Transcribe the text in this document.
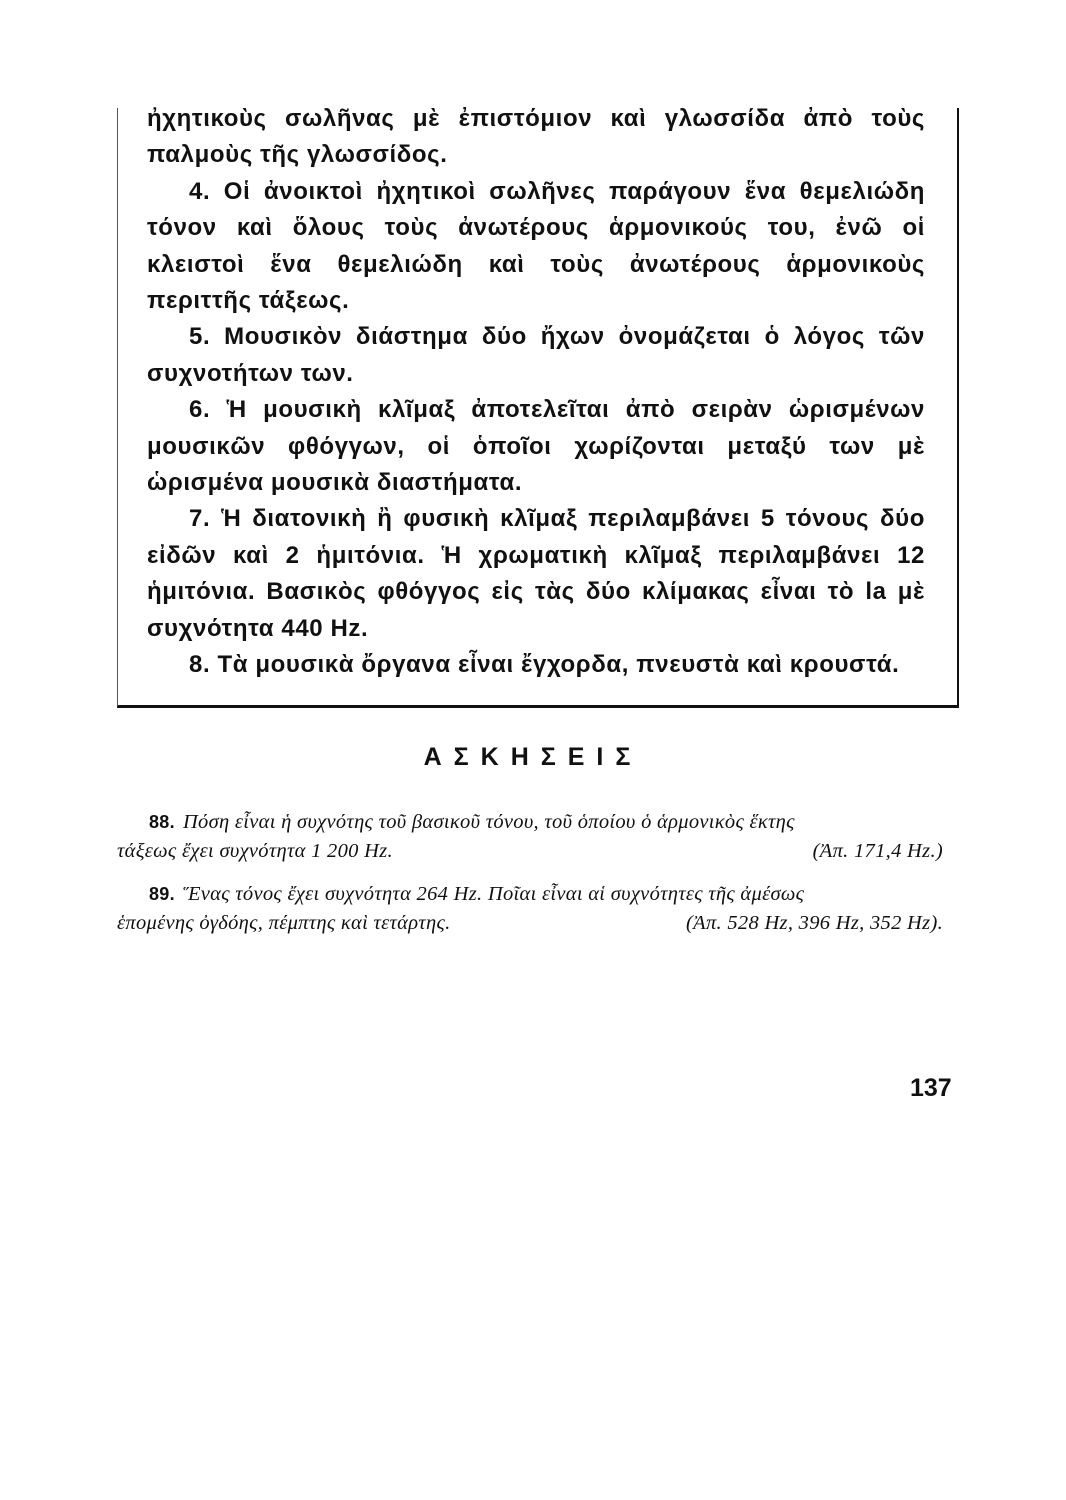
ἠχητικοὺς σωλῆνας μὲ ἐπιστόμιον καὶ γλωσσίδα ἀπὸ τοὺς παλμοὺς τῆς γλωσσίδος.

4. Οἱ ἀνοικτοὶ ἠχητικοὶ σωλῆνες παράγουν ἕνα θεμελιώδη τόνον καὶ ὅλους τοὺς ἀνωτέρους ἁρμονικούς του, ἐνῶ οἱ κλειστοὶ ἕνα θεμελιώδη καὶ τοὺς ἀνωτέρους ἁρμονικοὺς περιττῆς τάξεως.

5. Μουσικὸν διάστημα δύο ἤχων ὀνομάζεται ὁ λόγος τῶν συχνοτήτων των.

6. Ἡ μουσικὴ κλῖμαξ ἀποτελεῖται ἀπὸ σειρὰν ὡρισμένων μουσικῶν φθόγγων, οἱ ὁποῖοι χωρίζονται μεταξύ των μὲ ὡρισμένα μουσικὰ διαστήματα.

7. Ἡ διατονικὴ ἢ φυσικὴ κλῖμαξ περιλαμβάνει 5 τόνους δύο εἰδῶν καὶ 2 ἡμιτόνια. Ἡ χρωματικὴ κλῖμαξ περιλαμβάνει 12 ἡμιτόνια. Βασικὸς φθόγγος εἰς τὰς δύο κλίμακας εἶναι τὸ la μὲ συχνότητα 440 Hz.

8. Τὰ μουσικὰ ὄργανα εἶναι ἔγχορδα, πνευστὰ καὶ κρουστά.

ΑΣΚΗΣΕΙΣ
88. Πόση εἶναι ἡ συχνότης τοῦ βασικοῦ τόνου, τοῦ ὁποίου ὁ ἁρμονικὸς ἕκτης
τάξεως ἔχει συχνότητα 1 200 Hz.	(Ἀπ. 171,4 Hz.)
89. Ἕνας τόνος ἔχει συχνότητα 264 Hz. Ποῖαι εἶναι αἱ συχνότητες τῆς ἀμέσως
ἑπομένης ὀγδόης, πέμπτης καὶ τετάρτης.	(Ἀπ. 528 Hz, 396 Hz, 352 Hz).
137
